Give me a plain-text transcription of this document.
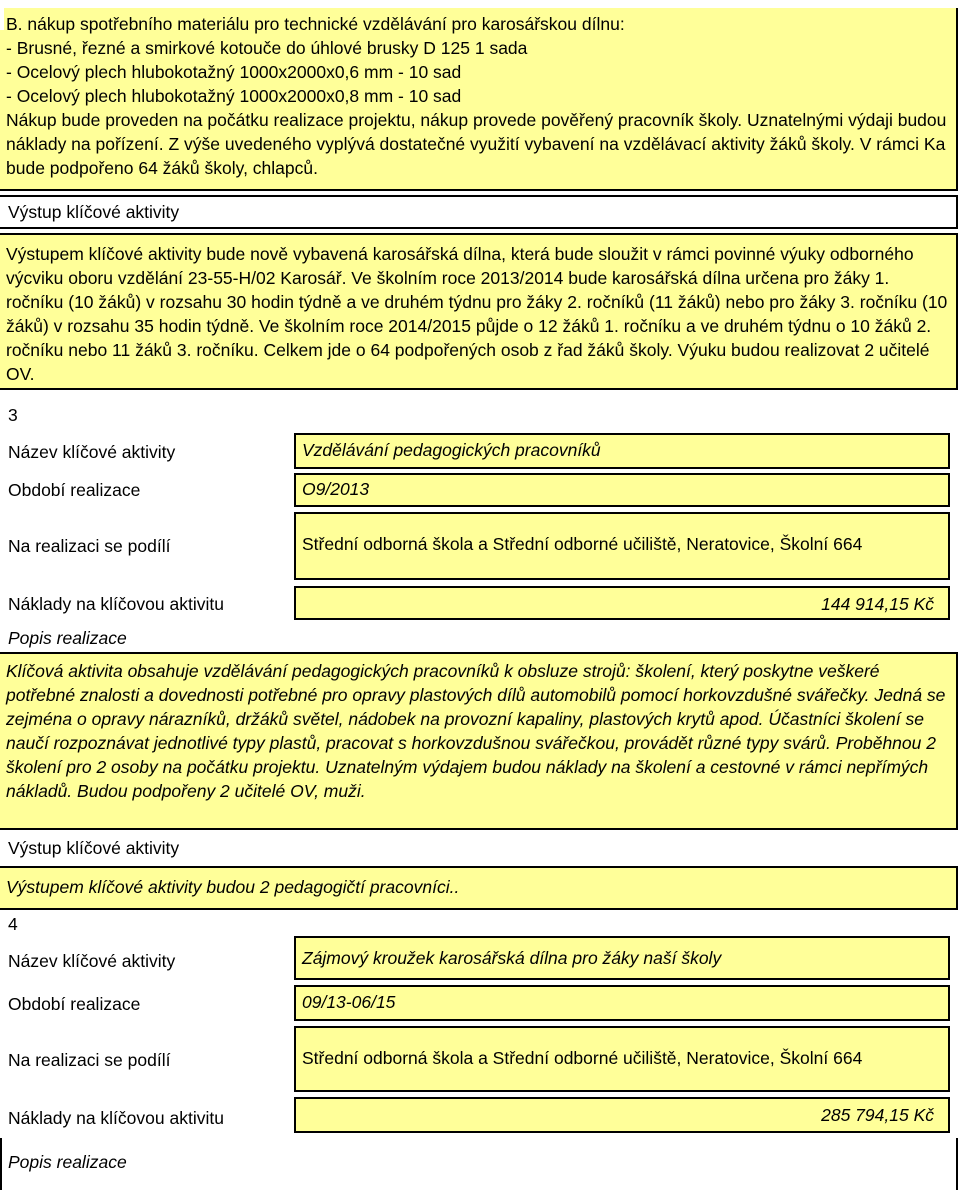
B. nákup spotřebního materiálu pro technické vzdělávání pro karosářskou dílnu:
- Brusné, řezné a smirkové kotouče do úhlové brusky D 125 1 sada
- Ocelový plech hlubokotažný 1000x2000x0,6 mm - 10 sad
- Ocelový plech hlubokotažný 1000x2000x0,8 mm - 10 sad
Nákup bude proveden na počátku realizace projektu, nákup provede pověřený pracovník školy. Uznatelnými výdaji budou náklady na pořízení. Z výše uvedeného vyplývá dostatečné využití vybavení na vzdělávací aktivity žáků školy. V rámci Ka bude podpořeno 64 žáků školy, chlapců.
Výstup klíčové aktivity
Výstupem klíčové aktivity bude nově vybavená karosářská dílna, která bude sloužit v rámci povinné výuky odborného výcviku oboru vzdělání 23-55-H/02 Karosář. Ve školním roce 2013/2014 bude karosářská dílna určena pro žáky 1. ročníku (10 žáků) v rozsahu 30 hodin týdně a ve druhém týdnu pro žáky 2. ročníků (11 žáků) nebo pro žáky 3. ročníku (10 žáků) v rozsahu 35 hodin týdně. Ve školním roce 2014/2015 půjde o 12 žáků 1. ročníku a ve druhém týdnu o 10 žáků 2. ročníku nebo 11 žáků 3. ročníku. Celkem jde o 64 podpořených osob z řad žáků školy. Výuku budou realizovat 2 učitelé OV.
3
Název klíčové aktivity	Vzdělávání pedagogických pracovníků
Období realizace	O9/2013
Na realizaci se podílí	Střední odborná škola a Střední odborné učiliště, Neratovice, Školní 664
Náklady na klíčovou aktivitu	144 914,15 Kč
Popis realizace
Klíčová aktivita obsahuje vzdělávání pedagogických pracovníků k obsluze strojů: školení, který poskytne veškeré potřebné znalosti a dovednosti potřebné pro opravy plastových dílů automobilů pomocí horkovzdušné svářečky. Jedná se zejména o opravy nárazníků, držáků světel, nádobek na provozní kapaliny, plastových krytů apod. Účastníci školení se naučí rozpoznávat jednotlivé typy plastů, pracovat s horkovzdušnou svářečkou, provádět různé typy svárů. Proběhnou 2 školení pro 2 osoby na počátku projektu. Uznatelným výdajem budou náklady na školení a cestovné v rámci nepřímých nákladů. Budou podpořeny 2 učitelé OV, muži.
Výstup klíčové aktivity
Výstupem klíčové aktivity budou 2 pedagogičtí pracovníci..
4
Název klíčové aktivity	Zájmový kroužek karosářská dílna pro žáky naší školy
Období realizace	09/13-06/15
Na realizaci se podílí	Střední odborná škola a Střední odborné učiliště, Neratovice, Školní 664
Náklady na klíčovou aktivitu	285 794,15 Kč
Popis realizace
